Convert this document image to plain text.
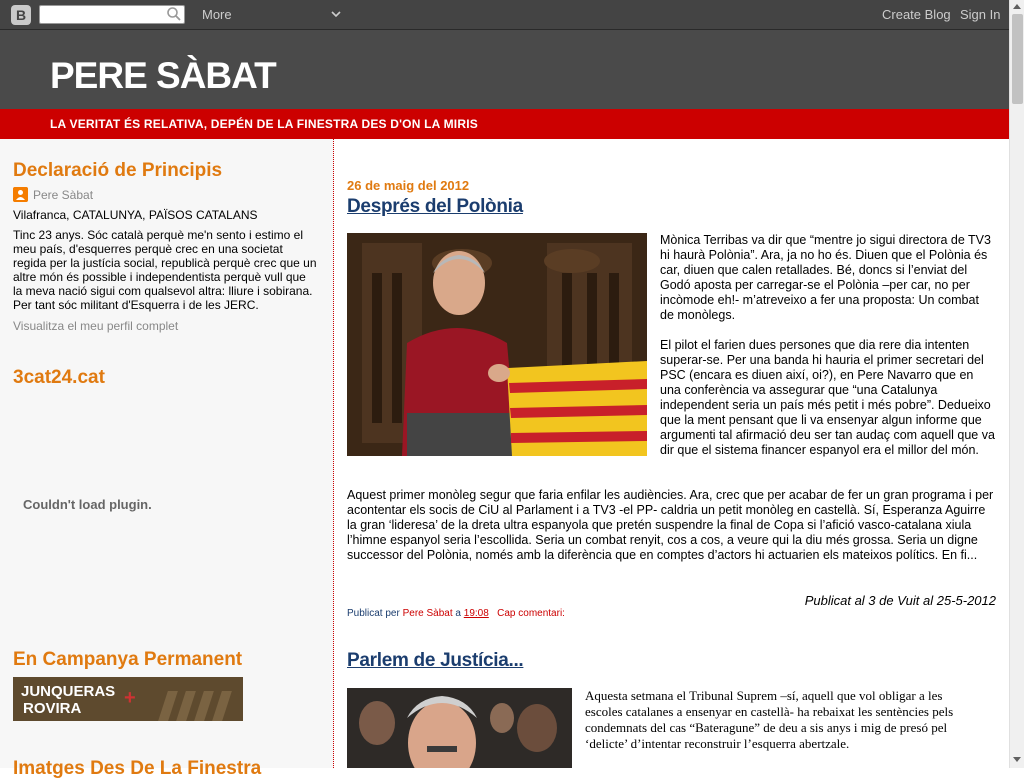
B	More	Create Blog Sign In
PERE SÀBAT
LA VERITAT ÉS RELATIVA, DEPÉN DE LA FINESTRA DES D'ON LA MIRIS
Declaració de Principis
Pere Sàbat
Vilafranca, CATALUNYA, PAÏSOS CATALANS
Tinc 23 anys. Sóc català perquè me'n sento i estimo el meu país, d'esquerres perquè crec en una societat regida per la justícia social, republicà perquè crec que un altre món és possible i independentista perquè vull que la meva nació sigui com qualsevol altra: lliure i sobirana. Per tant sóc militant d'Esquerra i de les JERC.
Visualitza el meu perfil complet
3cat24.cat
Couldn't load plugin.
En Campanya Permanent
JUNQUERAS
ROVIRA +
Imatges Des De La Finestra
26 de maig del 2012
Després del Polònia

Mònica Terribas va dir que “mentre jo sigui directora de TV3 hi haurà Polònia”. Ara, ja no ho és. Diuen que el Polònia és car, diuen que calen retallades. Bé, doncs si l’enviat del Godó aposta per carregar-se el Polònia –per car, no per incòmode eh!- m’atreveixo a fer una proposta: Un combat de monòlegs.

El pilot el farien dues persones que dia rere dia intenten superar-se. Per una banda hi hauria el primer secretari del PSC (encara es diuen així, oi?), en Pere Navarro que en una conferència va assegurar que “una Catalunya independent seria un país més petit i més pobre”. Dedueixo que la ment pensant que li va ensenyar algun informe que argumenti tal afirmació deu ser tan audaç com aquell que va dir que el sistema financer espanyol era el millor del món.

Aquest primer monòleg segur que faria enfilar les audiències. Ara, crec que per acabar de fer un gran programa i per acontentar els socis de CiU al Parlament i a TV3 -el PP- caldria un petit monòleg en castellà. Sí, Esperanza Aguirre la gran ‘lideresa’ de la dreta ultra espanyola que pretén suspendre la final de Copa si l’afició vasco-catalana xiula l’himne espanyol seria l’escollida. Seria un combat renyit, cos a cos, a veure qui la diu més grossa. Seria un digne successor del Polònia, només amb la diferència que en comptes d’actors hi actuarien els mateixos polítics. En fi...

Publicat al 3 de Vuit al 25-5-2012
Publicat per Pere Sàbat a 19:08 Cap comentari:
Parlem de Justícia...
Aquesta setmana el Tribunal Suprem –sí, aquell que vol obligar a les escoles catalanes a ensenyar en castellà- ha rebaixat les sentències pels condemnats del cas “Bateragune” de deu a sis anys i mig de presó pel ‘delicte’ d’intentar reconstruir l’esquerra abertzale.
